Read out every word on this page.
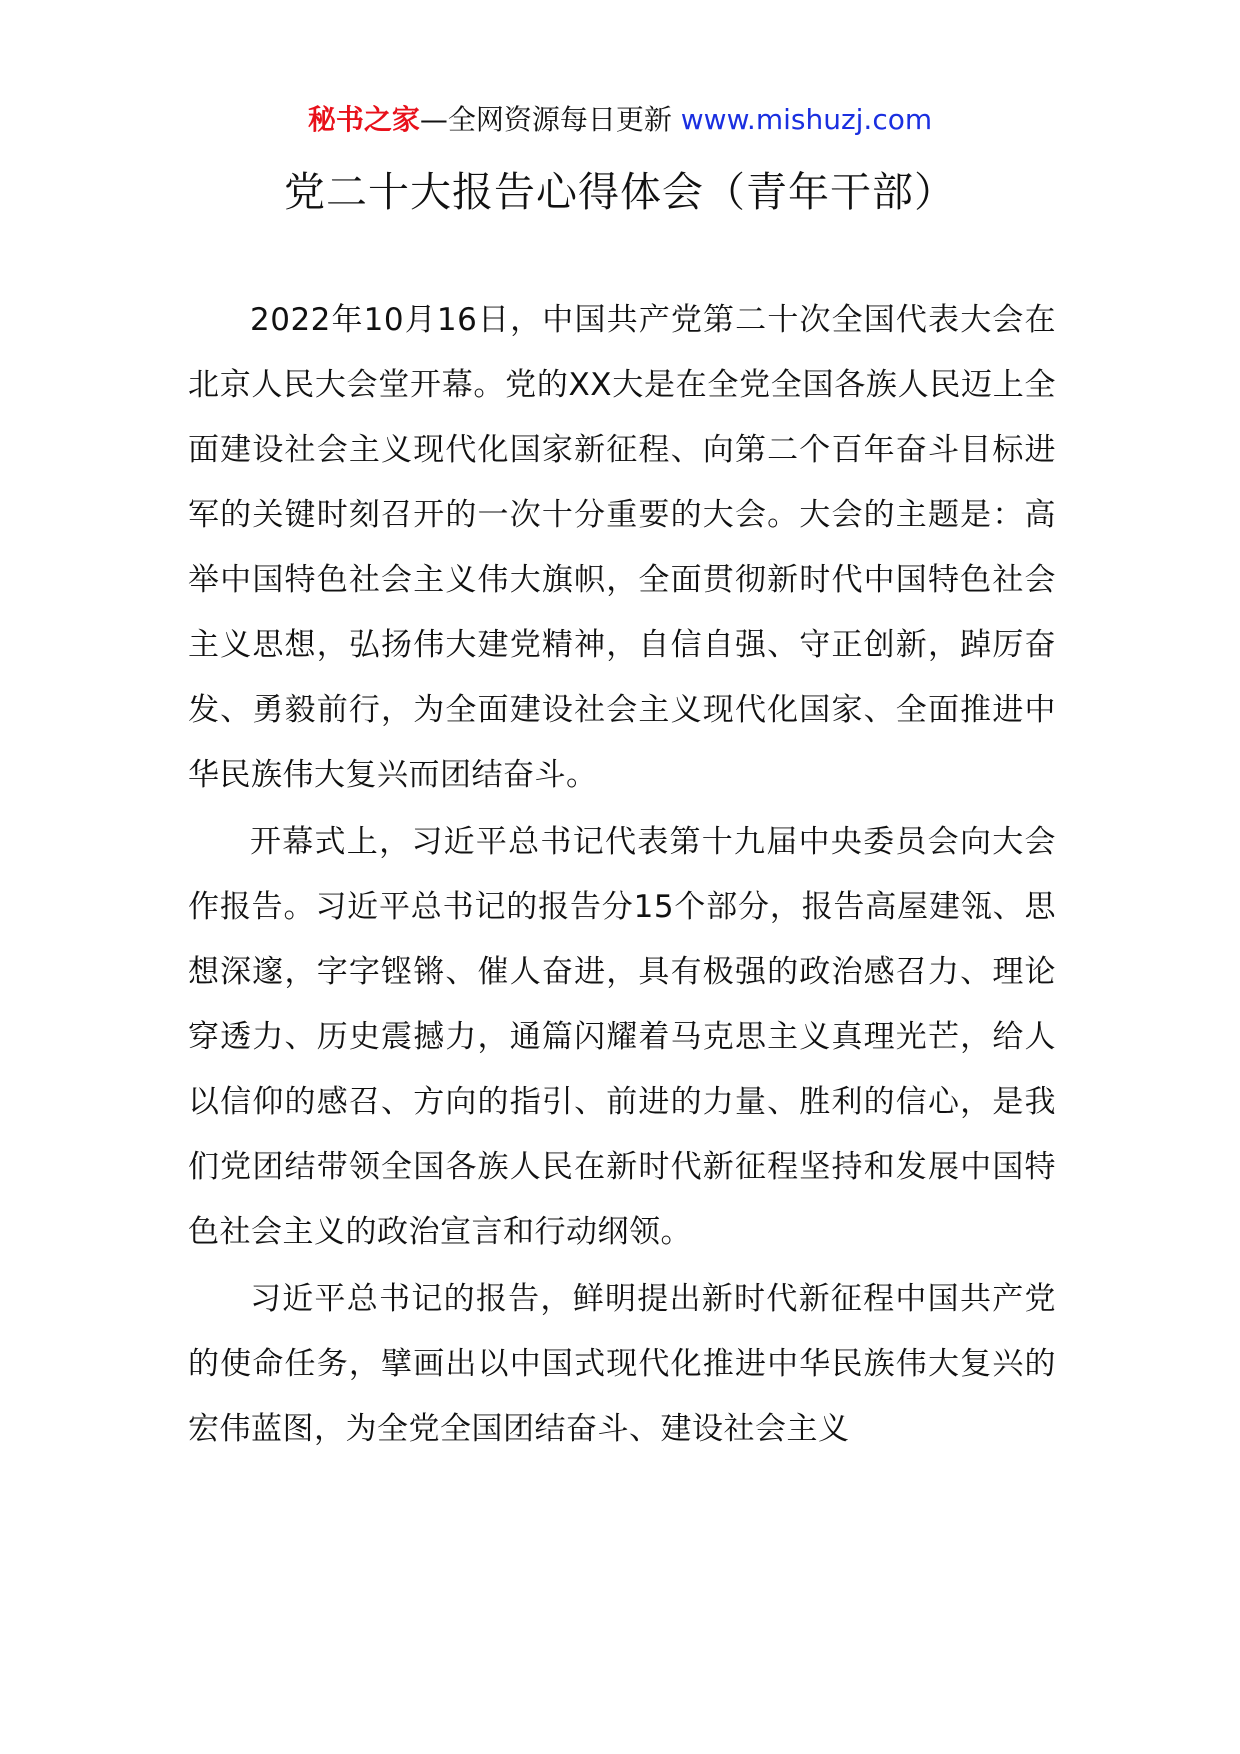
秘书之家—全网资源每日更新 www.mishuzj.com
党二十大报告心得体会（青年干部）

2022年10月16日，中国共产党第二十次全国代表大会在北京人民大会堂开幕。党的XX大是在全党全国各族人民迈上全面建设社会主义现代化国家新征程、向第二个百年奋斗目标进军的关键时刻召开的一次十分重要的大会。大会的主题是：高举中国特色社会主义伟大旗帜，全面贯彻新时代中国特色社会主义思想，弘扬伟大建党精神，自信自强、守正创新，踔厉奋发、勇毅前行，为全面建设社会主义现代化国家、全面推进中华民族伟大复兴而团结奋斗。

开幕式上，习近平总书记代表第十九届中央委员会向大会作报告。习近平总书记的报告分15个部分，报告高屋建瓴、思想深邃，字字铿锵、催人奋进，具有极强的政治感召力、理论穿透力、历史震撼力，通篇闪耀着马克思主义真理光芒，给人以信仰的感召、方向的指引、前进的力量、胜利的信心，是我们党团结带领全国各族人民在新时代新征程坚持和发展中国特色社会主义的政治宣言和行动纲领。

习近平总书记的报告，鲜明提出新时代新征程中国共产党的使命任务，擘画出以中国式现代化推进中华民族伟大复兴的宏伟蓝图，为全党全国团结奋斗、建设社会主义
